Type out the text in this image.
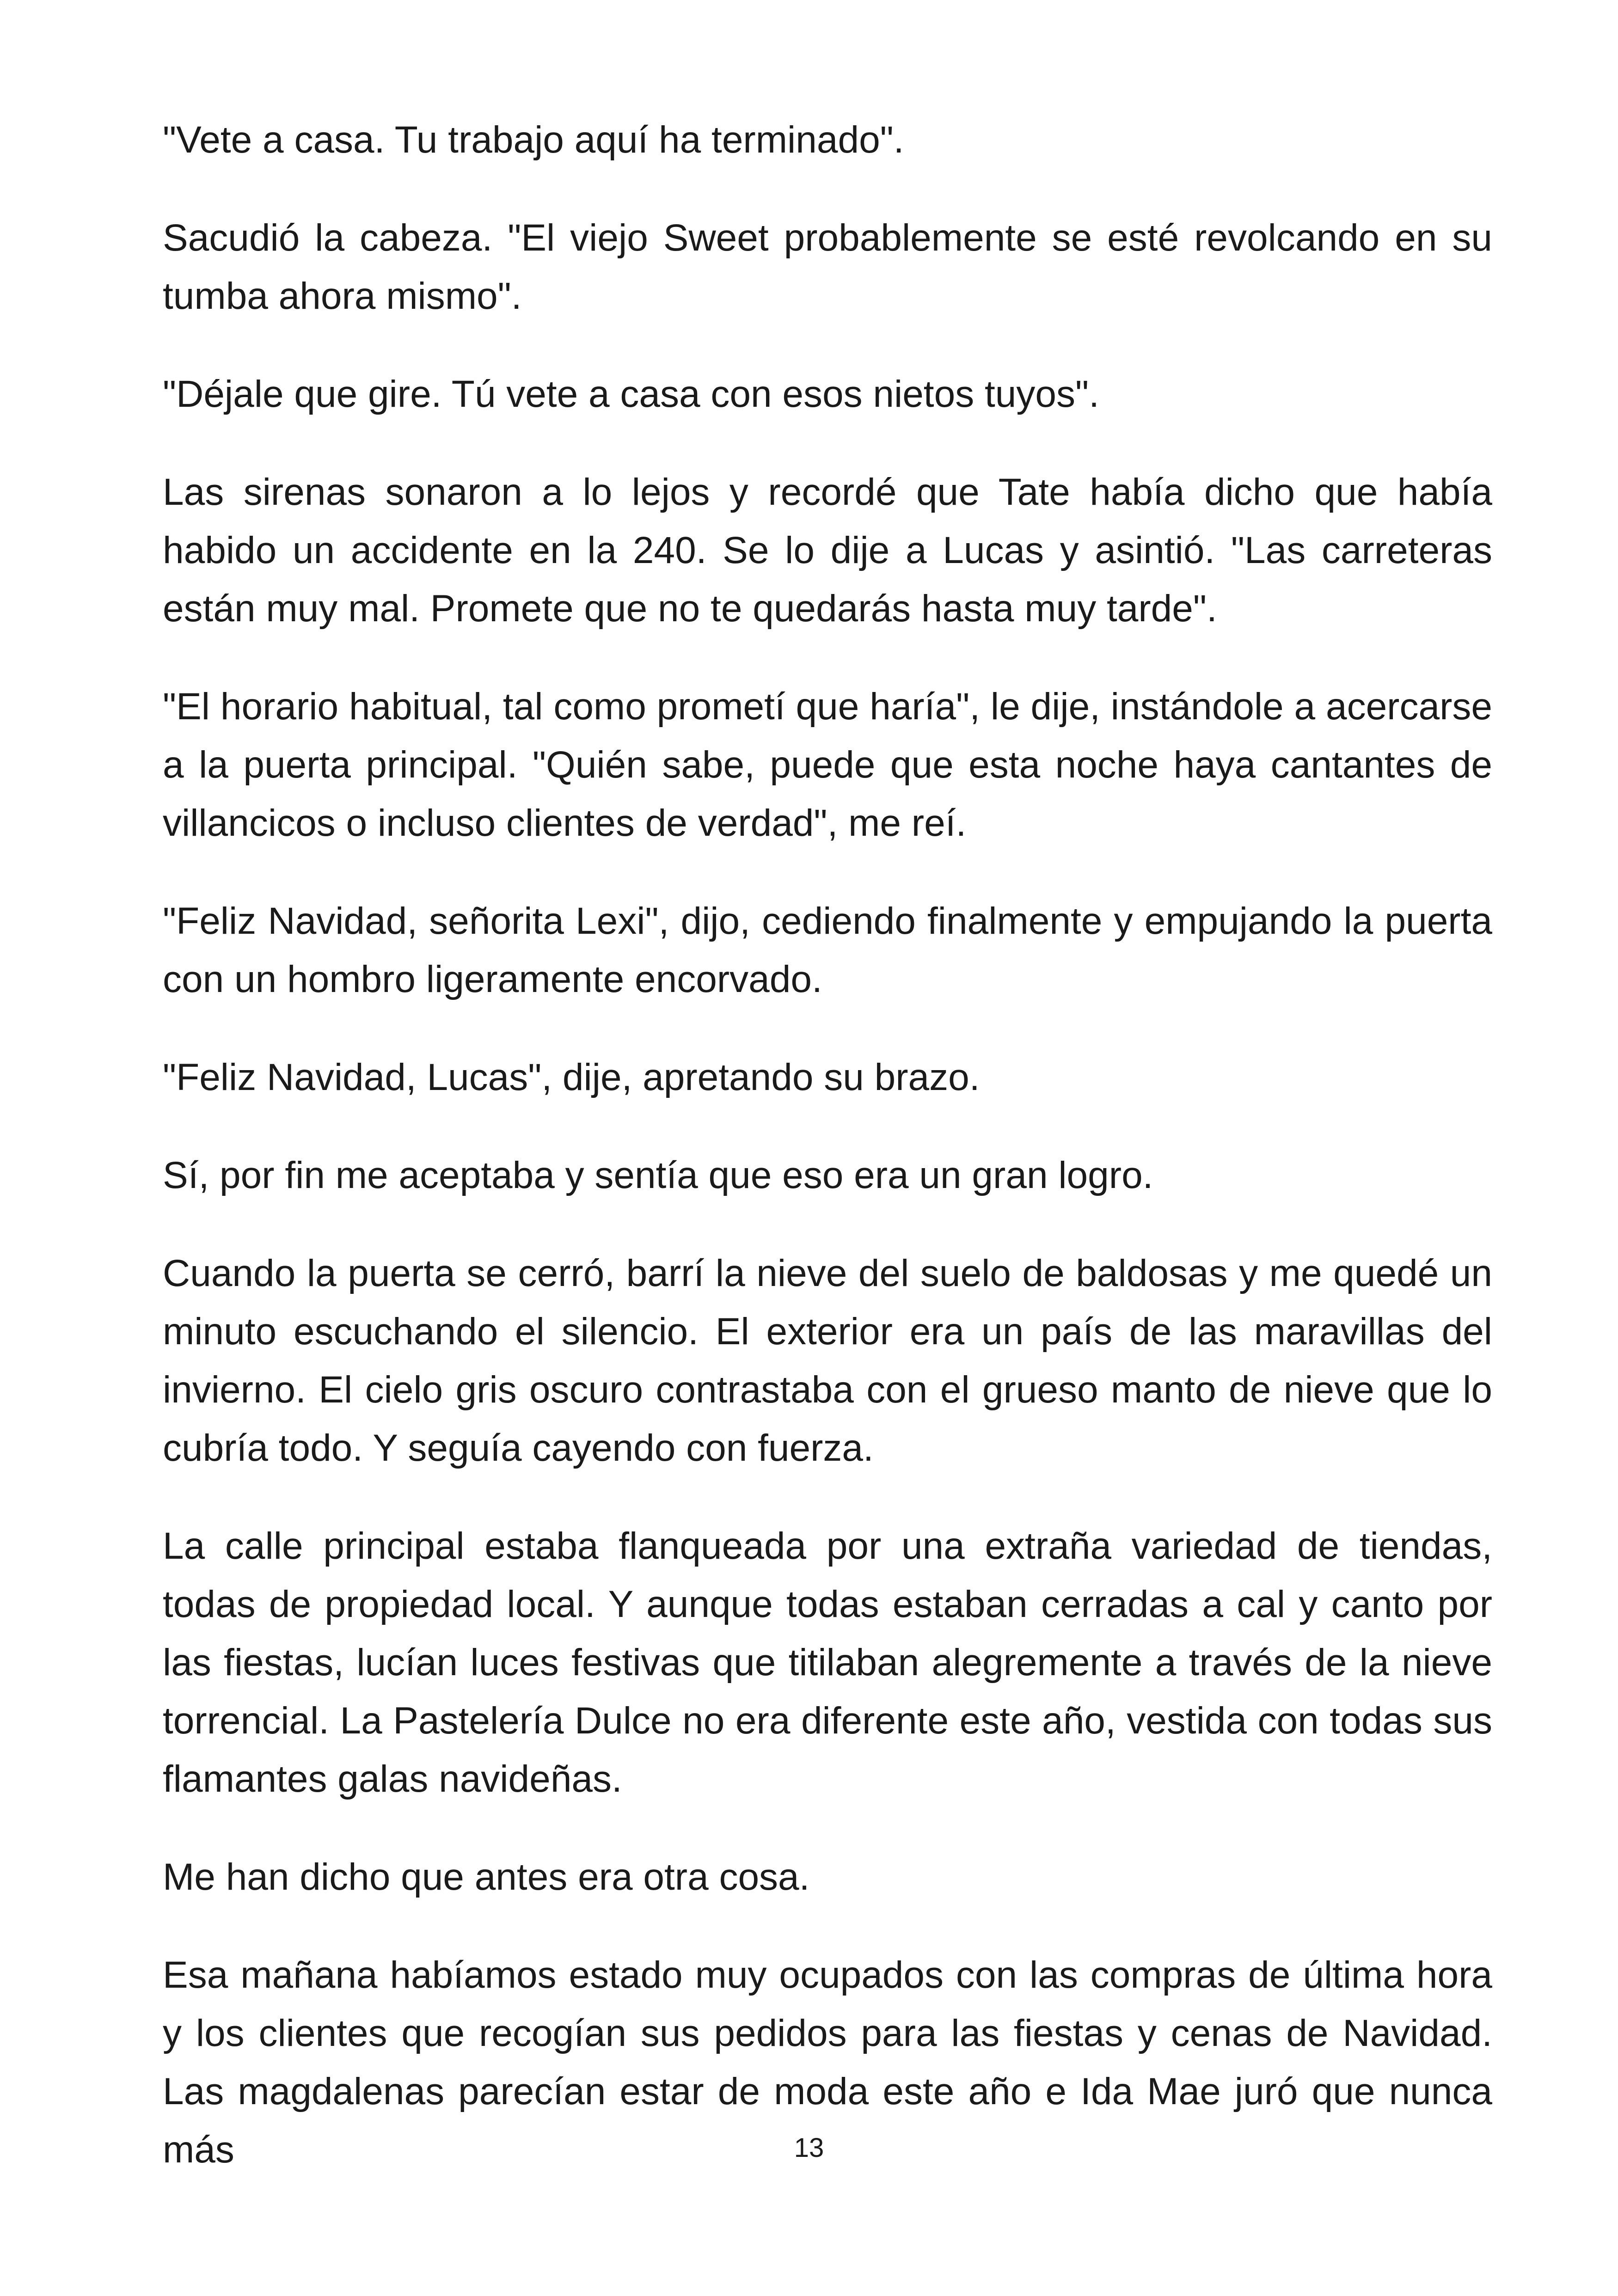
"Vete a casa. Tu trabajo aquí ha terminado".

Sacudió la cabeza. "El viejo Sweet probablemente se esté revolcando en su tumba ahora mismo".

"Déjale que gire. Tú vete a casa con esos nietos tuyos".

Las sirenas sonaron a lo lejos y recordé que Tate había dicho que había habido un accidente en la 240. Se lo dije a Lucas y asintió. "Las carreteras están muy mal. Promete que no te quedarás hasta muy tarde".

"El horario habitual, tal como prometí que haría", le dije, instándole a acercarse a la puerta principal. "Quién sabe, puede que esta noche haya cantantes de villancicos o incluso clientes de verdad", me reí.

"Feliz Navidad, señorita Lexi", dijo, cediendo finalmente y empujando la puerta con un hombro ligeramente encorvado.

"Feliz Navidad, Lucas", dije, apretando su brazo.

Sí, por fin me aceptaba y sentía que eso era un gran logro.

Cuando la puerta se cerró, barrí la nieve del suelo de baldosas y me quedé un minuto escuchando el silencio. El exterior era un país de las maravillas del invierno. El cielo gris oscuro contrastaba con el grueso manto de nieve que lo cubría todo. Y seguía cayendo con fuerza.

La calle principal estaba flanqueada por una extraña variedad de tiendas, todas de propiedad local. Y aunque todas estaban cerradas a cal y canto por las fiestas, lucían luces festivas que titilaban alegremente a través de la nieve torrencial. La Pastelería Dulce no era diferente este año, vestida con todas sus flamantes galas navideñas.

Me han dicho que antes era otra cosa.

Esa mañana habíamos estado muy ocupados con las compras de última hora y los clientes que recogían sus pedidos para las fiestas y cenas de Navidad. Las magdalenas parecían estar de moda este año e Ida Mae juró que nunca más	13
